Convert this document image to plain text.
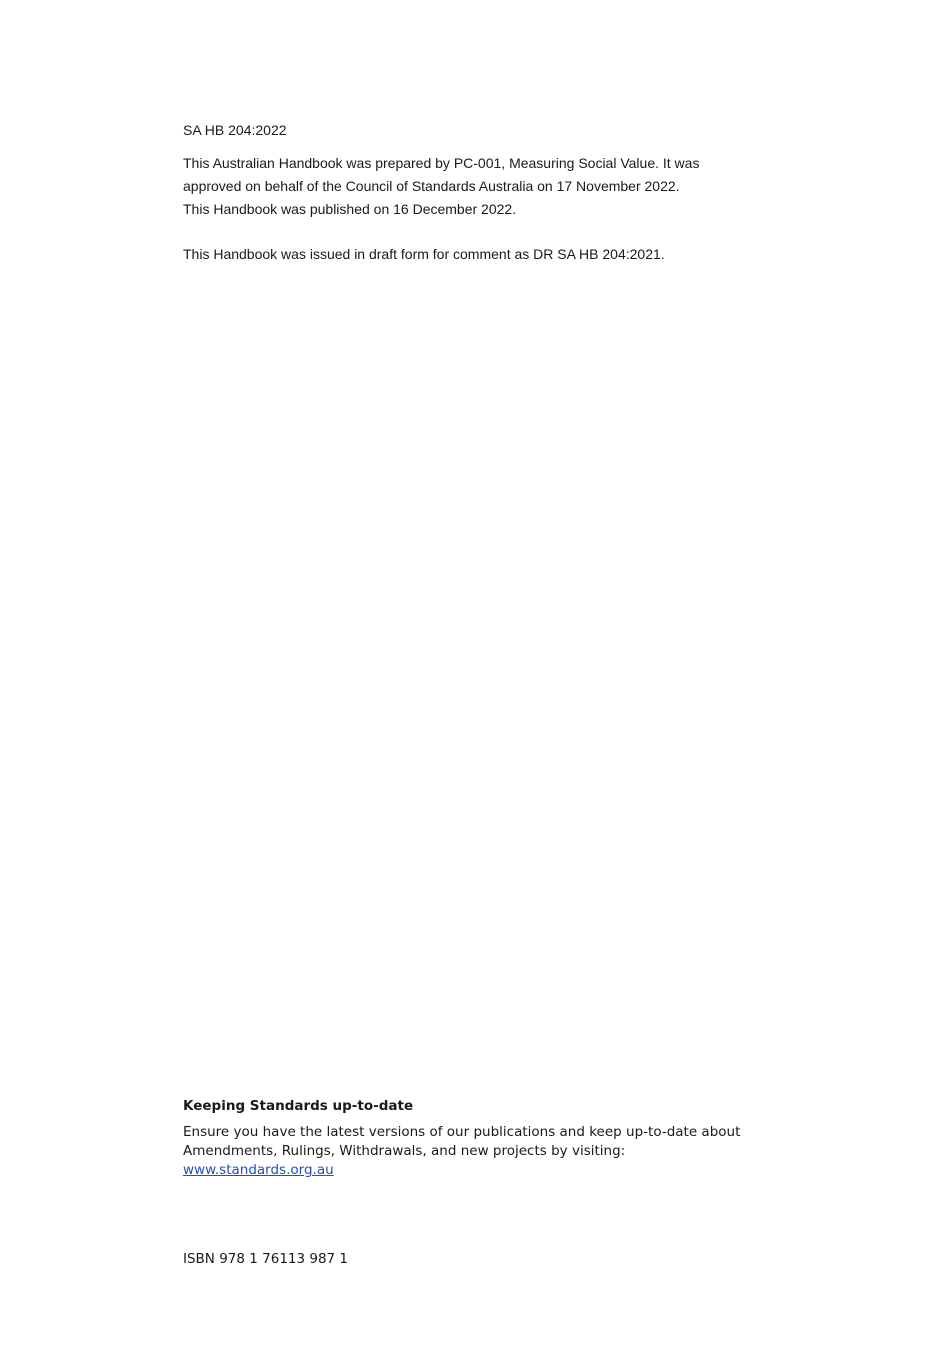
SA HB 204:2022

This Australian Handbook was prepared by PC-001, Measuring Social Value. It was

approved on behalf of the Council of Standards Australia on 17 November 2022.

This Handbook was published on 16 December 2022.

This Handbook was issued in draft form for comment as DR SA HB 204:2021.

Keeping Standards up-to-date

Ensure you have the latest versions of our publications and keep up-to-date about

Amendments, Rulings, Withdrawals, and new projects by visiting:

www.standards.org.au

ISBN 978 1 76113 987 1
